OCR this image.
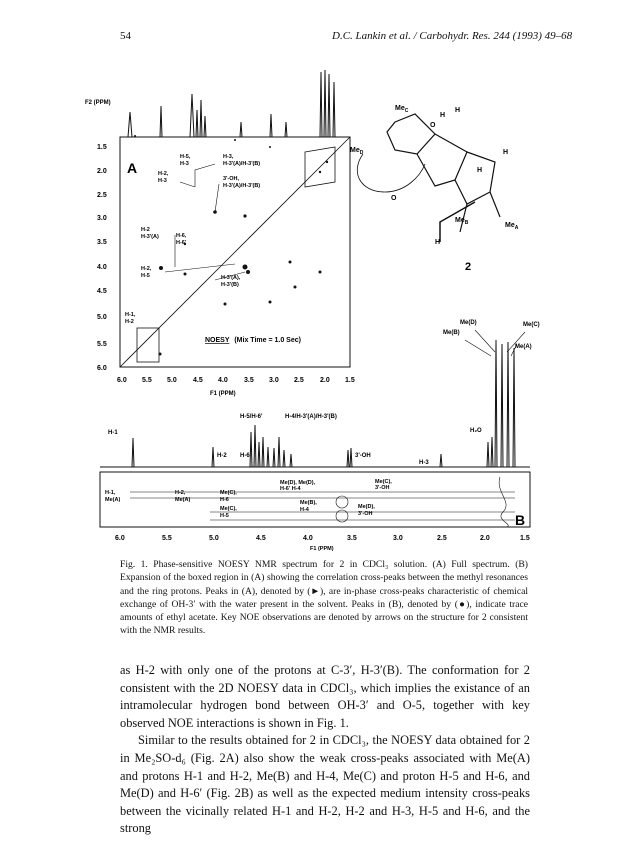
54	D.C. Lankin et al. / Carbohydr. Res. 244 (1993) 49–68
F2 (PPM)
1.5
2.0
2.5
3.0
3.5
4.0
4.5
5.0
5.5
6.0
A
H-5,
H-3
H-3,
H-3'(A)/H-3'(B)
H-2,
H-3	3'-OH,
H-3'(A)/H-3'(B)
H-2
H-3'(A)	H-6,
H-6'
H-2,
H-5	H-3'(A),
H-3'(B)
H-1,
H-2
NOESY (Mix Time = 1.0 Sec)
6.0 5.5 5.0 4.5 4.0 3.5 3.0 2.5 2.0 1.5
F1 (PPM)
$Me_C$
$Me_D$
$Me_B$	$Me_A$
O
H
H
H
O
H
H
2
Me(D)
Me(B)
Me(C)
Me(A)
H-1
H-2 H-6
H-5/H-6'	H-4/H-3'(A)/H-3'(B)
3'-OH
H-3
H₂O
H-1,
Me(A)
H-2,
Me(A)
Me(C),
H-6
Me(C),
H-5
Me(D), Me(D),
H-6' H-4
Me(C),
3'-OH
Me(B),
H-4	Me(D),
3'-OH	B
6.0	5.5	5.0	4.5	4.0	3.5	3.0	2.5	2.0	1.5
F1 (PPM)
Fig. 1. Phase-sensitive NOESY NMR spectrum for 2 in CDCl₃ solution. (A) Full spectrum. (B) Expansion of the boxed region in (A) showing the correlation cross-peaks between the methyl resonances and the ring protons. Peaks in (A), denoted by (►), are in-phase cross-peaks characteristic of chemical exchange of OH-3′ with the water present in the solvent. Peaks in (B), denoted by (●), indicate trace amounts of ethyl acetate. Key NOE observations are denoted by arrows on the structure for 2 consistent with the NMR results.

as H-2 with only one of the protons at C-3′, H-3′(B). The conformation for 2 consistent with the 2D NOESY data in CDCl₃, which implies the existance of an intramolecular hydrogen bond between OH-3′ and O-5, together with key observed NOE interactions is shown in Fig. 1.

Similar to the results obtained for 2 in CDCl₃, the NOESY data obtained for 2 in Me₂SO-d₆ (Fig. 2A) also show the weak cross-peaks associated with Me(A) and protons H-1 and H-2, Me(B) and H-4, Me(C) and proton H-5 and H-6, and Me(D) and H-6′ (Fig. 2B) as well as the expected medium intensity cross-peaks between the vicinally related H-1 and H-2, H-2 and H-3, H-5 and H-6, and the strong
